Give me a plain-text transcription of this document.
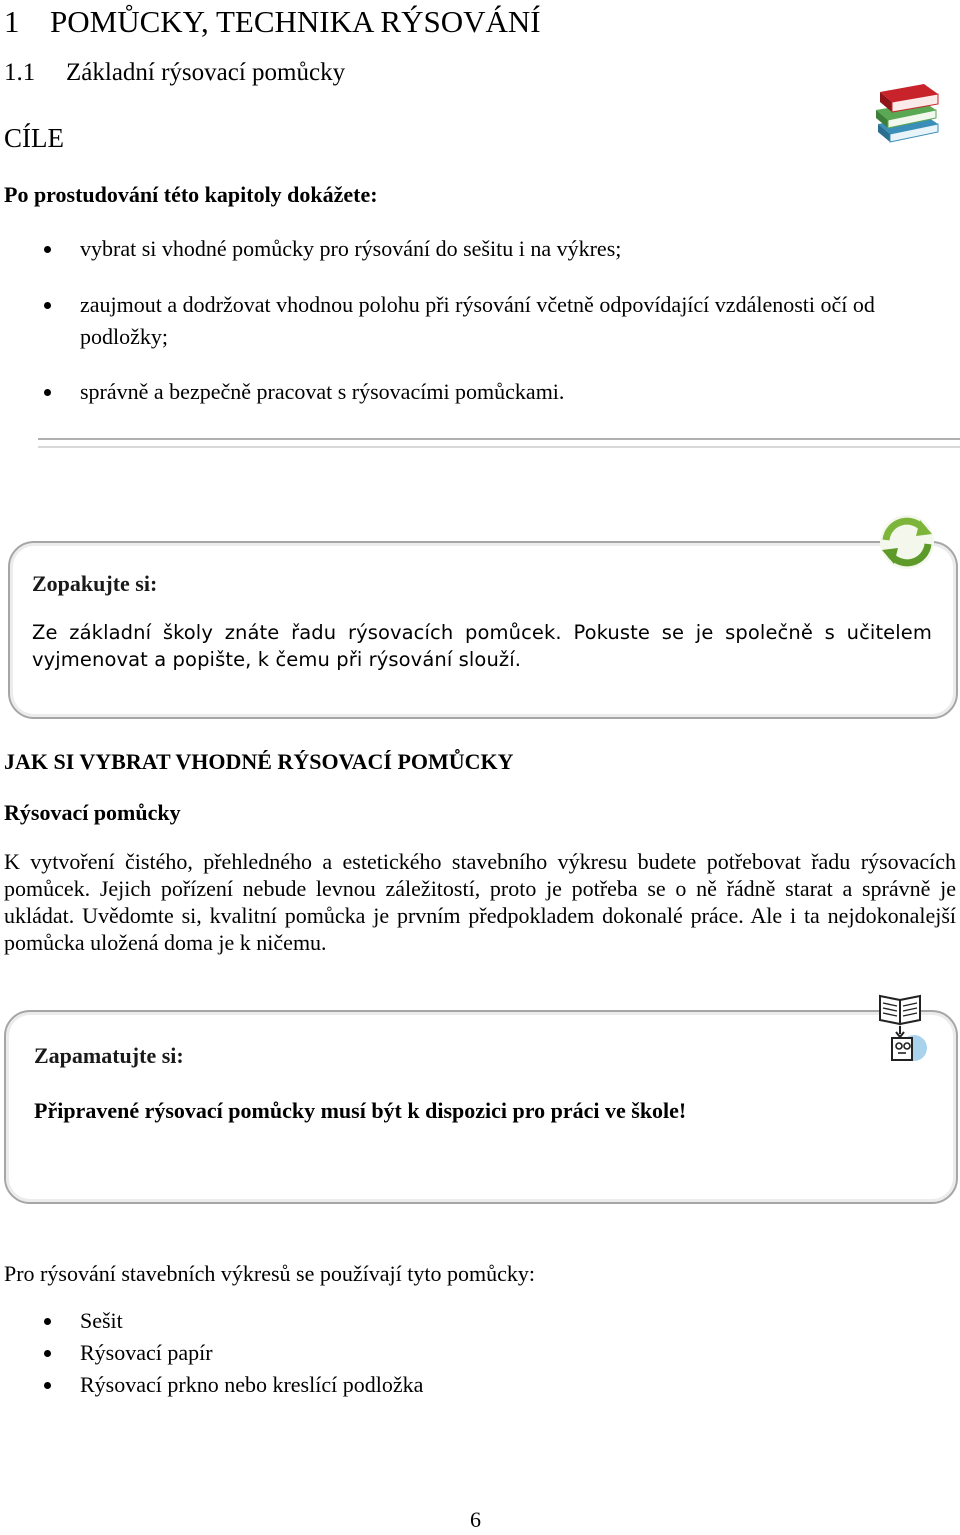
1 POMŮCKY, TECHNIKA RÝSOVÁNÍ
1.1 Základní rýsovací pomůcky
CÍLE
Po prostudování této kapitoly dokážete:
vybrat si vhodné pomůcky pro rýsování do sešitu i na výkres;
zaujmout a dodržovat vhodnou polohu při rýsování včetně odpovídající vzdálenosti očí od podložky;
správně a bezpečně pracovat s rýsovacími pomůckami.
Zopakujte si:
Ze základní školy znáte řadu rýsovacích pomůcek. Pokuste se je společně s učitelem vyjmenovat a popište, k čemu při rýsování slouží.
JAK SI VYBRAT VHODNÉ RÝSOVACÍ POMŮCKY
Rýsovací pomůcky
K vytvoření čistého, přehledného a estetického stavebního výkresu budete potřebovat řadu rýsovacích pomůcek. Jejich pořízení nebude levnou záležitostí, proto je potřeba se o ně řádně starat a správně je ukládat. Uvědomte si, kvalitní pomůcka je prvním předpokladem dokonalé práce. Ale i ta nejdokonalejší pomůcka uložená doma je k ničemu.
Zapamatujte si:
Připravené rýsovací pomůcky musí být k dispozici pro práci ve škole!
Pro rýsování stavebních výkresů se používají tyto pomůcky:
Sešit
Rýsovací papír
Rýsovací prkno nebo kreslící podložka
6
